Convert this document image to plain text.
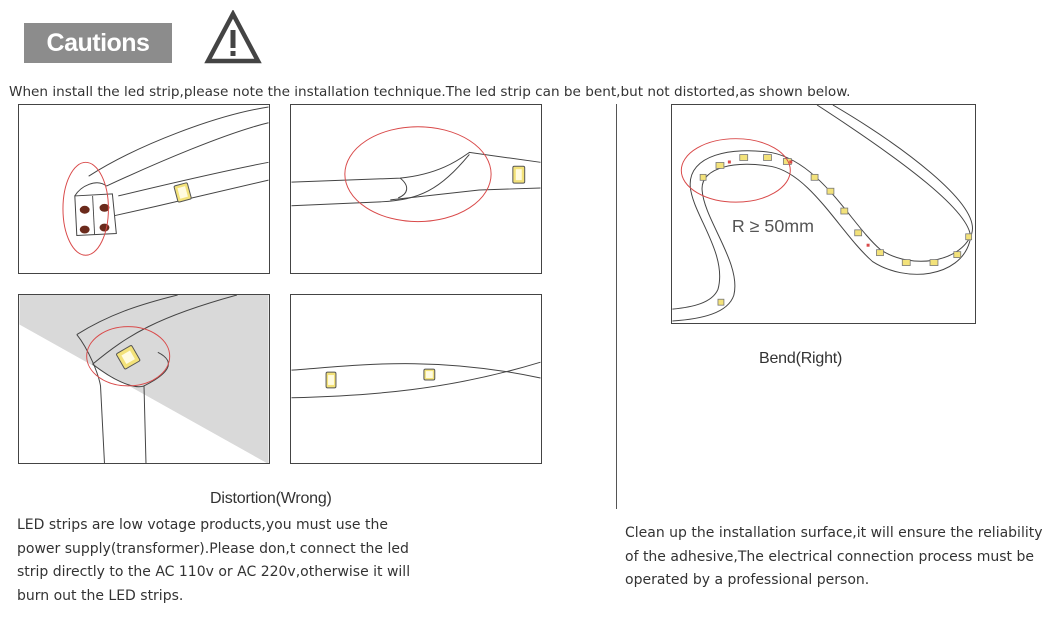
Cautions
When install the led strip,please note the installation technique.The led strip can be bent,but not distorted,as shown below.
Distortion(Wrong)
LED strips are low votage products,you must use the
power supply(transformer).Please don,t connect the led
strip directly to the AC 110v or AC 220v,otherwise it will
burn out the LED strips.
R ≥ 50mm
Bend(Right)
Clean up the installation surface,it will ensure the reliability
of the adhesive,The electrical connection process must be
operated by a professional person.
